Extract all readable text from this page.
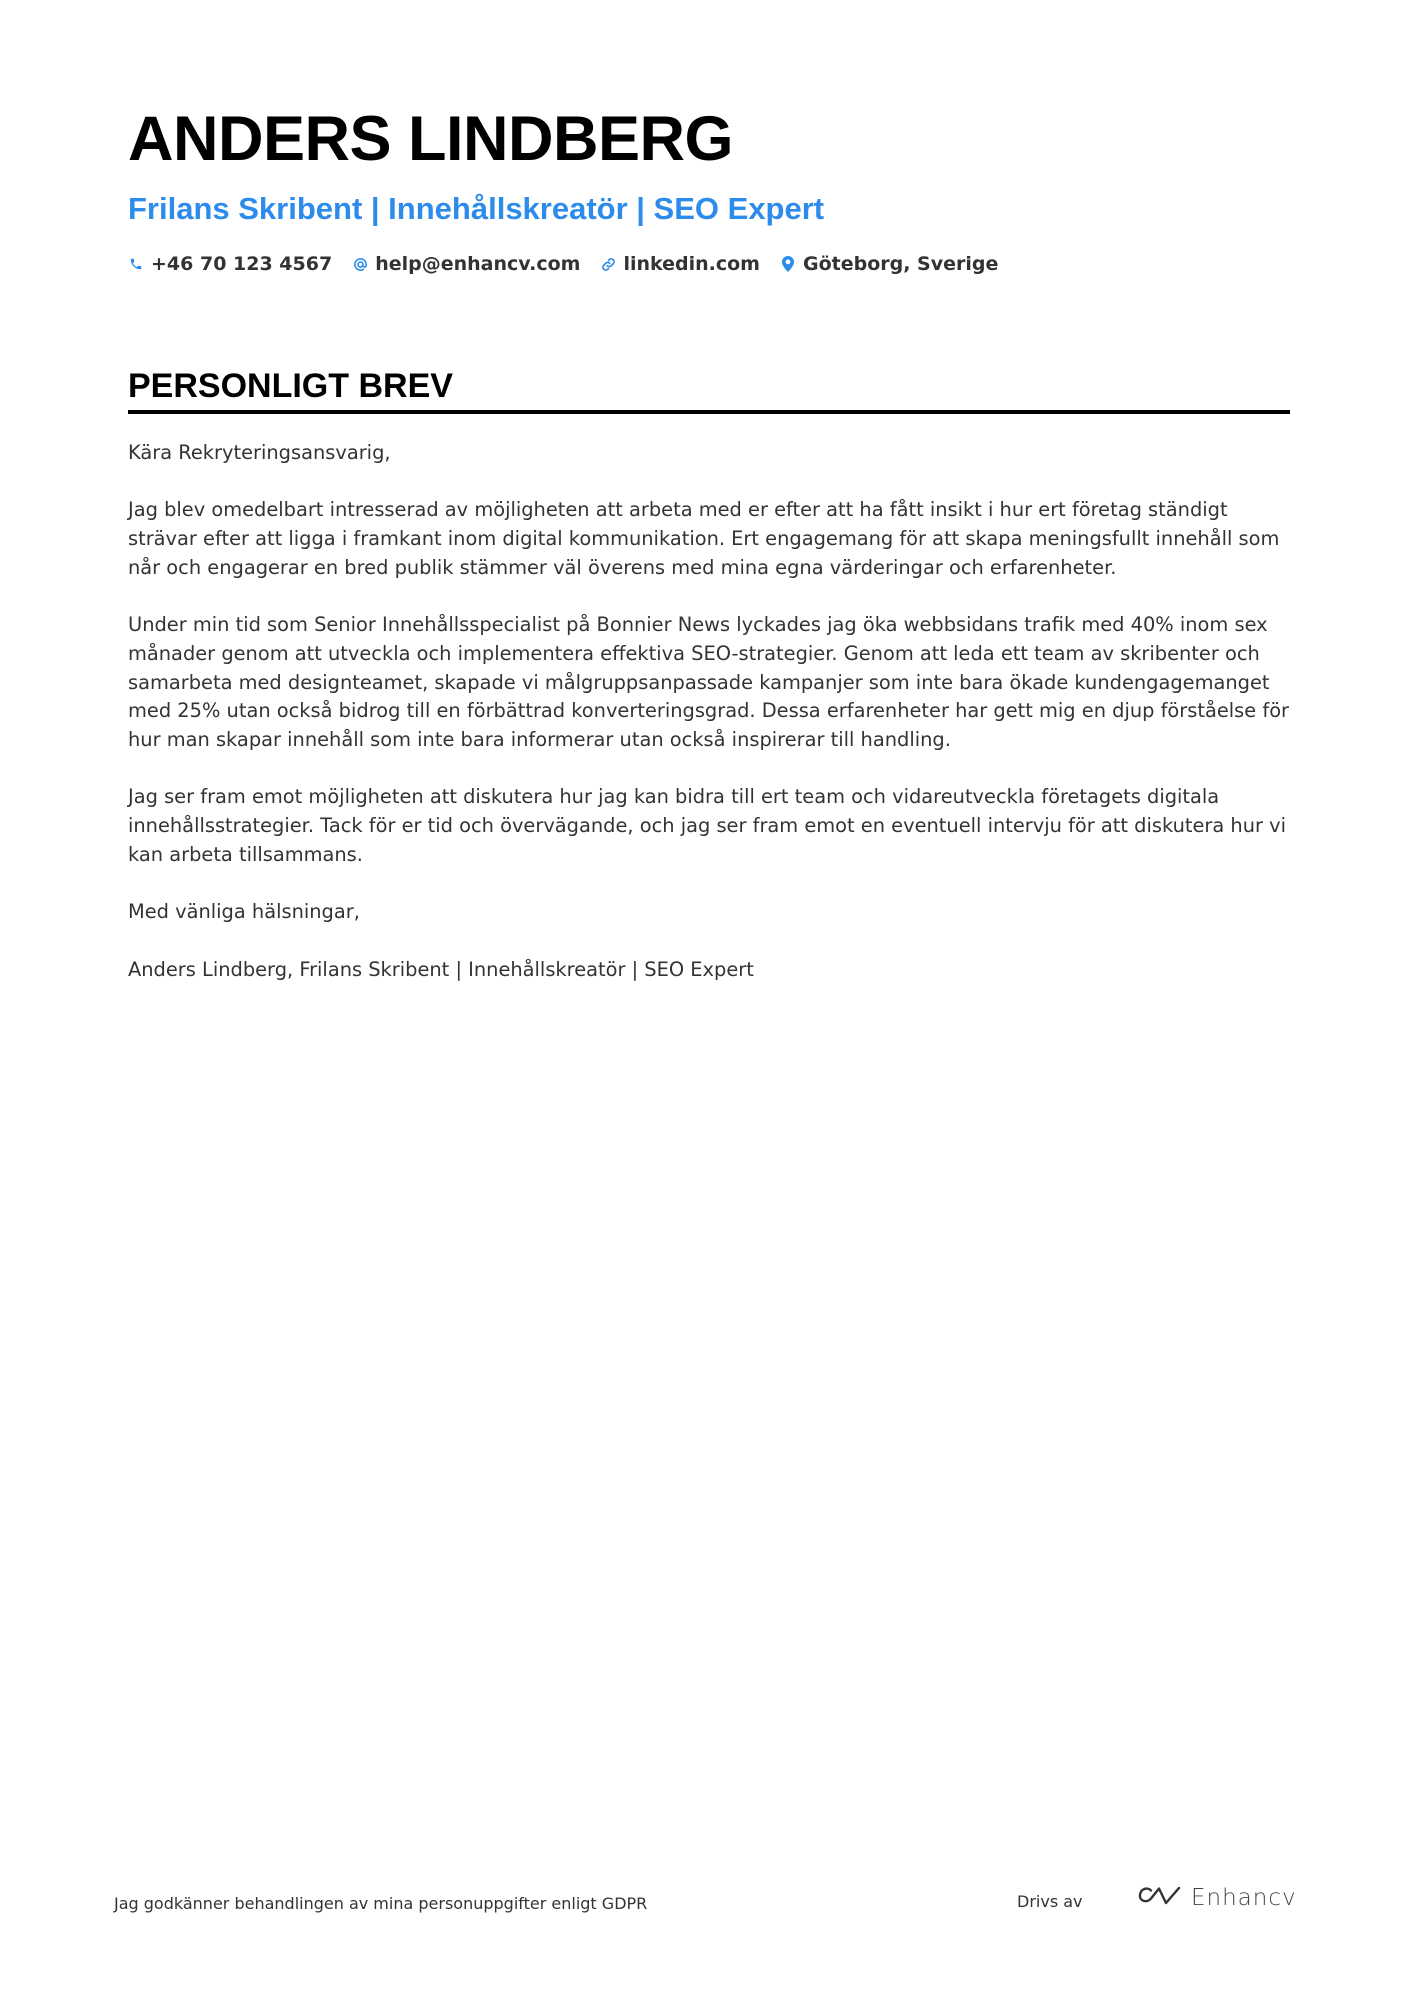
ANDERS LINDBERG
Frilans Skribent | Innehållskreatör | SEO Expert
+46 70 123 4567 help@enhancv.com linkedin.com Göteborg, Sverige
PERSONLIGT BREV

Kära Rekryteringsansvarig,

Jag blev omedelbart intresserad av möjligheten att arbeta med er efter att ha fått insikt i hur ert företag ständigt strävar efter att ligga i framkant inom digital kommunikation. Ert engagemang för att skapa meningsfullt innehåll som når och engagerar en bred publik stämmer väl överens med mina egna värderingar och erfarenheter.

Under min tid som Senior Innehållsspecialist på Bonnier News lyckades jag öka webbsidans trafik med 40% inom sex månader genom att utveckla och implementera effektiva SEO-strategier. Genom att leda ett team av skribenter och samarbeta med designteamet, skapade vi målgruppsanpassade kampanjer som inte bara ökade kundengagemanget med 25% utan också bidrog till en förbättrad konverteringsgrad. Dessa erfarenheter har gett mig en djup förståelse för hur man skapar innehåll som inte bara informerar utan också inspirerar till handling.

Jag ser fram emot möjligheten att diskutera hur jag kan bidra till ert team och vidareutveckla företagets digitala innehållsstrategier. Tack för er tid och övervägande, och jag ser fram emot en eventuell intervju för att diskutera hur vi kan arbeta tillsammans.

Med vänliga hälsningar,

Anders Lindberg, Frilans Skribent | Innehållskreatör | SEO Expert

Jag godkänner behandlingen av mina personuppgifter enligt GDPR	Drivs av	Enhancv
